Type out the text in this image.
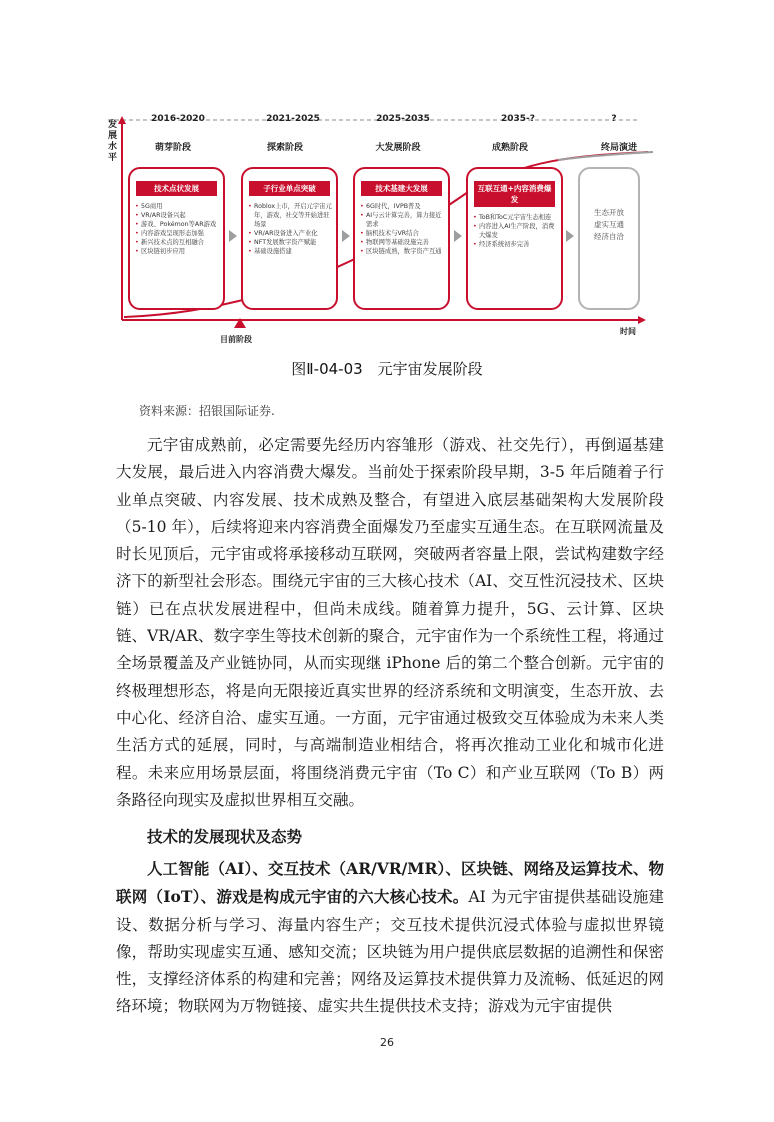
发展水平
2016-2020	2021-2025	2025-2035	2035-?	?
萌芽阶段	探索阶段	大发展阶段	成熟阶段	终局演进
技术点状发展
• 5G商用
• VR/AR设备兴起
• 游戏、Pokémon等AR游戏
• 内容游戏呈现形态加强
• 新兴技术点的互相融合
• 区块链初步应用
子行业单点突破
• Roblox上市，开启元宇宙元年，游戏，社交等开始进驻场景
• VR/AR设备进入产业化
• NFT发展数字资产赋能
• 基础设施搭建
技术基建大发展
• 6G时代，IVPB普及
• AI与云计算完善，算力接近需求
• 脑机技术与VR结合
• 物联网等基础设施完善
• 区块链成熟，数字资产互通
互联互通+内容消费爆发
• ToB和ToC元宇宙生态相连
• 内容进入AI生产阶段，消费大爆发
• 经济系统初步完善
生态开放
虚实互通
经济自洽
目前阶段
时间
图Ⅱ-04-03　元宇宙发展阶段
资料来源：招银国际证券.

元宇宙成熟前，必定需要先经历内容雏形（游戏、社交先行），再倒逼基建大发展，最后进入内容消费大爆发。当前处于探索阶段早期，3-5 年后随着子行业单点突破、内容发展、技术成熟及整合，有望进入底层基础架构大发展阶段（5-10 年），后续将迎来内容消费全面爆发乃至虚实互通生态。在互联网流量及时长见顶后，元宇宙或将承接移动互联网，突破两者容量上限，尝试构建数字经济下的新型社会形态。围绕元宇宙的三大核心技术（AI、交互性沉浸技术、区块链）已在点状发展进程中，但尚未成线。随着算力提升，5G、云计算、区块链、VR/AR、数字孪生等技术创新的聚合，元宇宙作为一个系统性工程，将通过全场景覆盖及产业链协同，从而实现继 iPhone 后的第二个整合创新。元宇宙的终极理想形态，将是向无限接近真实世界的经济系统和文明演变，生态开放、去中心化、经济自洽、虚实互通。一方面，元宇宙通过极致交互体验成为未来人类生活方式的延展，同时，与高端制造业相结合，将再次推动工业化和城市化进程。未来应用场景层面，将围绕消费元宇宙（To C）和产业互联网（To B）两条路径向现实及虚拟世界相互交融。

技术的发展现状及态势

人工智能（AI）、交互技术（AR/VR/MR）、区块链、网络及运算技术、物联网（IoT）、游戏是构成元宇宙的六大核心技术。AI 为元宇宙提供基础设施建设、数据分析与学习、海量内容生产；交互技术提供沉浸式体验与虚拟世界镜像，帮助实现虚实互通、感知交流；区块链为用户提供底层数据的追溯性和保密性，支撑经济体系的构建和完善；网络及运算技术提供算力及流畅、低延迟的网络环境；物联网为万物链接、虚实共生提供技术支持；游戏为元宇宙提供

26
